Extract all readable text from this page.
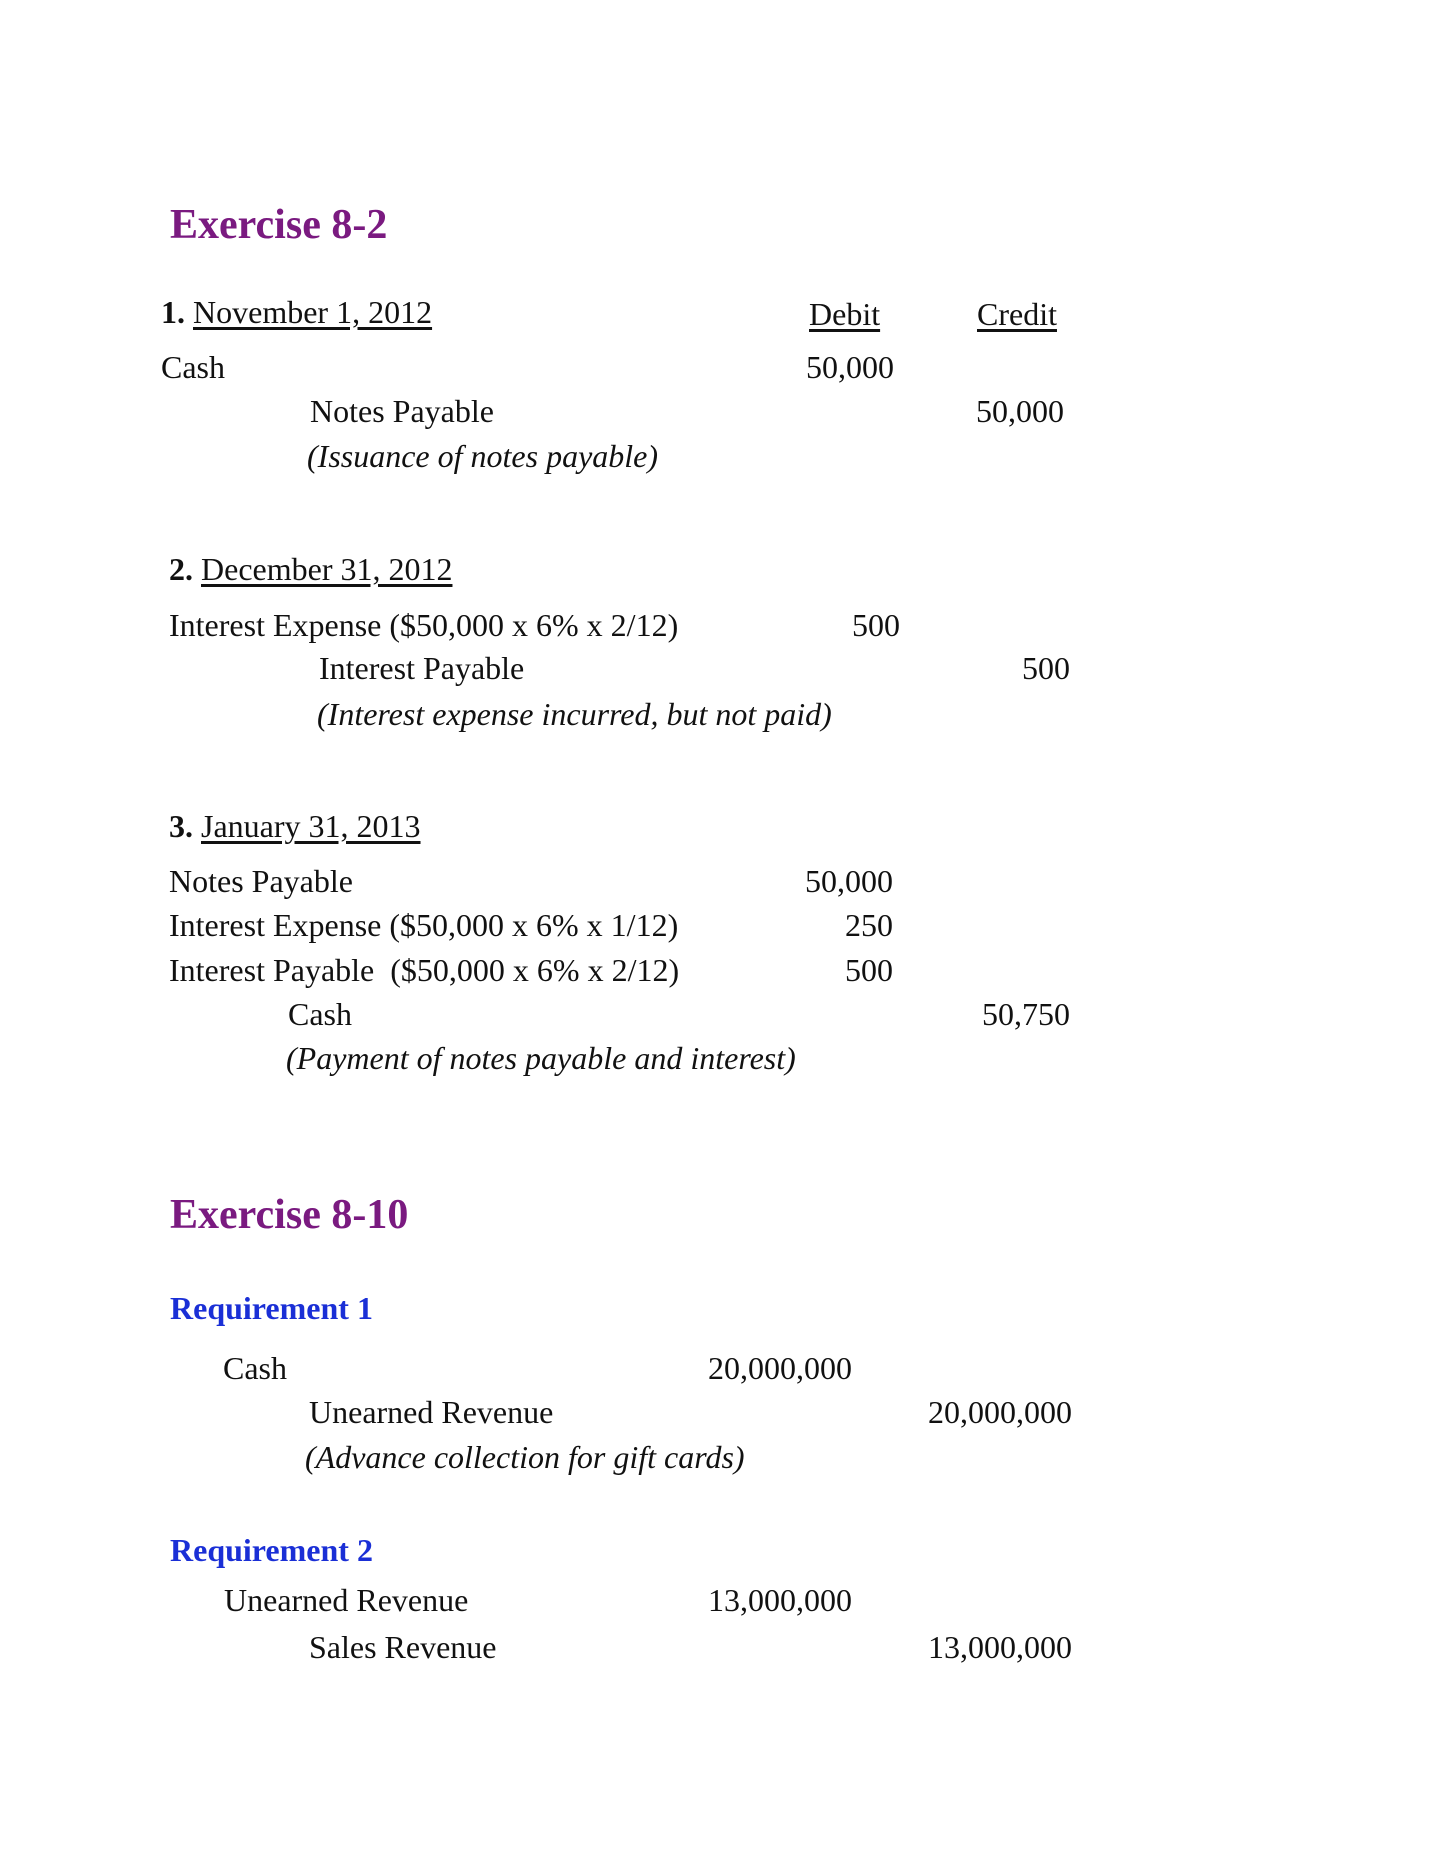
Exercise 8-2
1. November 1, 2012	Debit	Credit
Cash	50,000
Notes Payable	50,000
(Issuance of notes payable)
2. December 31, 2012
Interest Expense ($50,000 x 6% x 2/12)	500
Interest Payable	500
(Interest expense incurred, but not paid)
3. January 31, 2013
Notes Payable	50,000
Interest Expense ($50,000 x 6% x 1/12)	250
Interest Payable  ($50,000 x 6% x 2/12)	500
Cash	50,750
(Payment of notes payable and interest)
Exercise 8-10
Requirement 1
Cash	20,000,000
Unearned Revenue	20,000,000
(Advance collection for gift cards)
Requirement 2
Unearned Revenue	13,000,000
Sales Revenue	13,000,000
